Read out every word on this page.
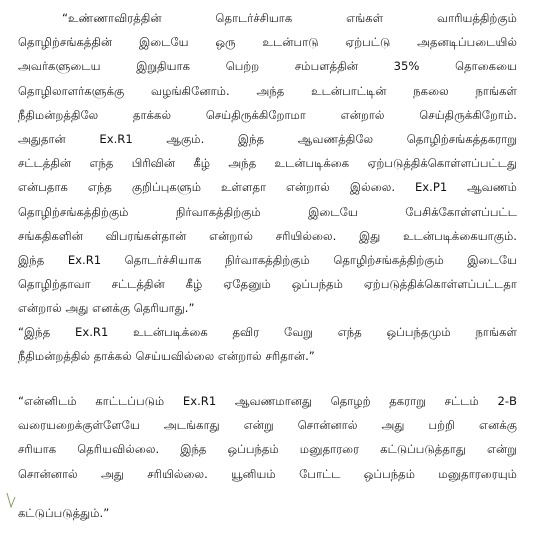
“உண்ணாவிரத்தின் தொடர்ச்சியாக எங்கள் வாரியத்திற்கும்
தொழிற்சங்கத்தின் இடையே ஒரு உடன்பாடு ஏற்பட்டு அதனடிப்படையில்
அவர்களுடைய இறுதியாக பெற்ற சம்பளத்தின் 35% தொகையை
தொழிலாளர்களுக்கு வழங்கினோம். அந்த உடன்பாட்டின் நகலை நாங்கள்
நீதிமன்றத்திலே தாக்கல் செய்திருக்கிறோமா என்றால் செய்திருக்கிறோம்.
அதுதான் Ex.R1 ஆகும். இந்த ஆவணத்திலே தொழிற்சங்கத்தகராறு
சட்டத்தின் எந்த பிரிவின் கீழ் அந்த உடன்படிக்கை ஏற்படுத்திக்கொள்ளப்பட்டது
என்பதாக எந்த குறிப்புகளும் உள்ளதா என்றால் இல்லை. Ex.P1 ஆவணம்
தொழிற்சங்கத்திற்கும் நிர்வாகத்திற்கும் இடையே பேசிக்கோள்ளப்பட்ட
சங்கதிகளின் விபரங்கள்தான் என்றால் சரியில்லை. இது உடன்படிக்கையாகும்.
இந்த Ex.R1 தொடர்ச்சியாக நிர்வாகத்திற்கும் தொழிற்சங்கத்திற்கும் இடையே
தொழிற்தாவா சட்டத்தின் கீழ் ஏதேனும் ஒப்பந்தம் ஏற்படுத்திக்கொள்ளப்பட்டதா
என்றால் அது எனக்கு தெரியாது.”
“இந்த Ex.R1 உடன்படிக்கை தவிர வேறு எந்த ஒப்பந்தமும் நாங்கள்
நீதிமன்றத்தில் தாக்கல் செய்யவில்லை என்றால் சரிதான்.”
“என்னிடம் காட்டப்படும் Ex.R1 ஆவணமானது தொழற் தகராறு சட்டம் 2-B
வரையறைக்குள்ளேயே அடங்காது என்று சொன்னால் அது பற்றி எனக்கு
சரியாக தெரியவில்லை. இந்த ஒப்பந்தம் மனுதாரரை கட்டுப்படுத்தாது என்று
சொன்னால் அது சரியில்லை. யூனியம் போட்ட ஒப்பந்தம் மனுதாரரையும்
கட்டுப்படுத்தும்.”
